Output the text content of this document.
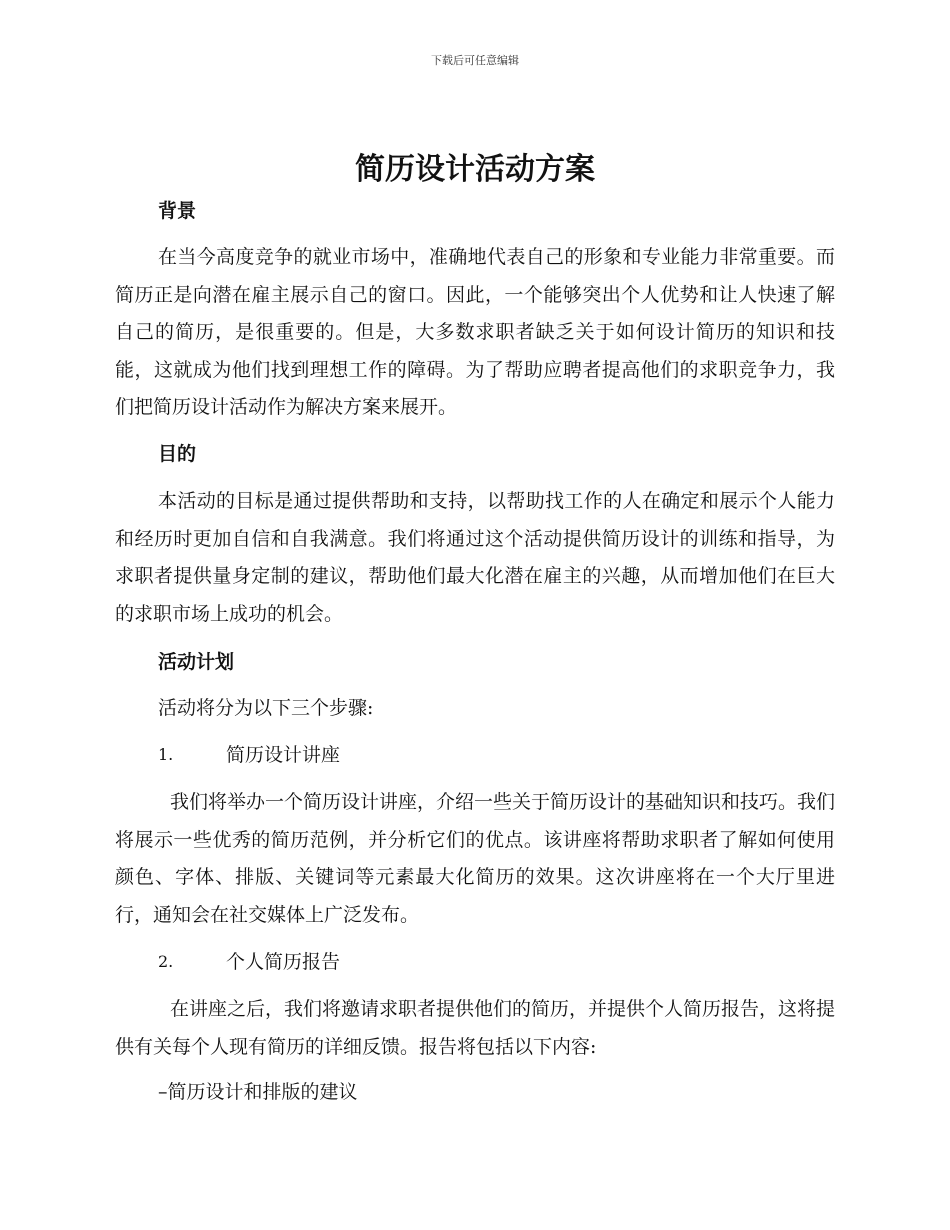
下载后可任意编辑
简历设计活动方案
背景

在当今高度竞争的就业市场中，准确地代表自己的形象和专业能力非常重要。而简历正是向潜在雇主展示自己的窗口。因此，一个能够突出个人优势和让人快速了解自己的简历，是很重要的。但是，大多数求职者缺乏关于如何设计简历的知识和技能，这就成为他们找到理想工作的障碍。为了帮助应聘者提高他们的求职竞争力，我们把简历设计活动作为解决方案来展开。

目的

本活动的目标是通过提供帮助和支持，以帮助找工作的人在确定和展示个人能力和经历时更加自信和自我满意。我们将通过这个活动提供简历设计的训练和指导，为求职者提供量身定制的建议，帮助他们最大化潜在雇主的兴趣，从而增加他们在巨大的求职市场上成功的机会。

活动计划
活动将分为以下三个步骤:
1.	简历设计讲座

我们将举办一个简历设计讲座，介绍一些关于简历设计的基础知识和技巧。我们将展示一些优秀的简历范例，并分析它们的优点。该讲座将帮助求职者了解如何使用颜色、字体、排版、关键词等元素最大化简历的效果。这次讲座将在一个大厅里进行，通知会在社交媒体上广泛发布。

2.	个人简历报告

在讲座之后，我们将邀请求职者提供他们的简历，并提供个人简历报告，这将提供有关每个人现有简历的详细反馈。报告将包括以下内容:

–简历设计和排版的建议
